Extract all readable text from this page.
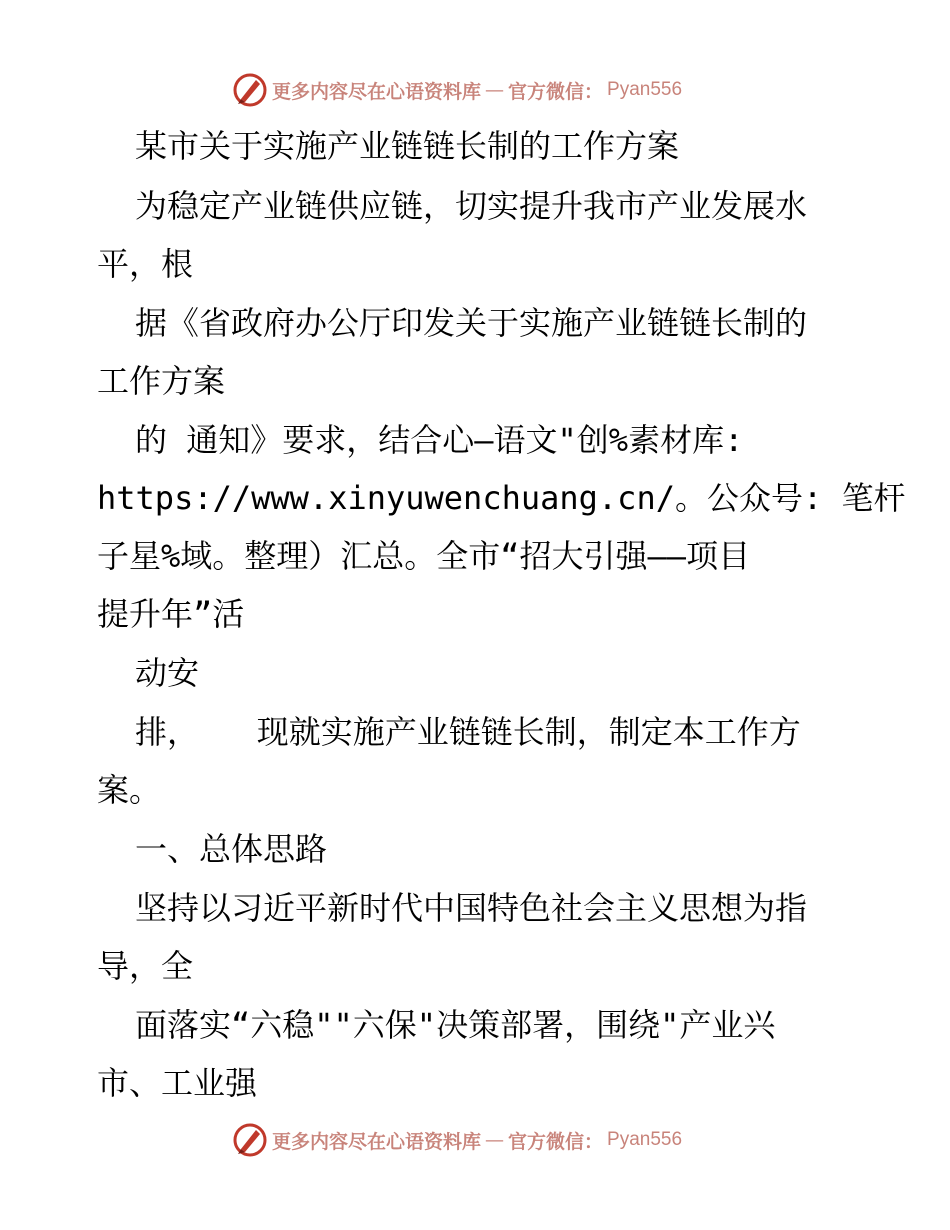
更多内容尽在心语资料库 — 官方微信： Pyan556

某市关于实施产业链链长制的工作方案

为稳定产业链供应链，切实提升我市产业发展水

平，根

据《省政府办公厅印发关于实施产业链链长制的

工作方案

的 通知》要求，结合心—语文"创%素材库:

https://www.xinyuwenchuang.cn/。公众号: 笔杆

子星%域。整理）汇总。全市“招大引强——项目

提升年”活

动安

排，   现就实施产业链链长制，制定本工作方

案。

一、总体思路

坚持以习近平新时代中国特色社会主义思想为指

导，全

面落实“六稳""六保"决策部署，围绕"产业兴

市、工业强

更多内容尽在心语资料库 — 官方微信： Pyan556
